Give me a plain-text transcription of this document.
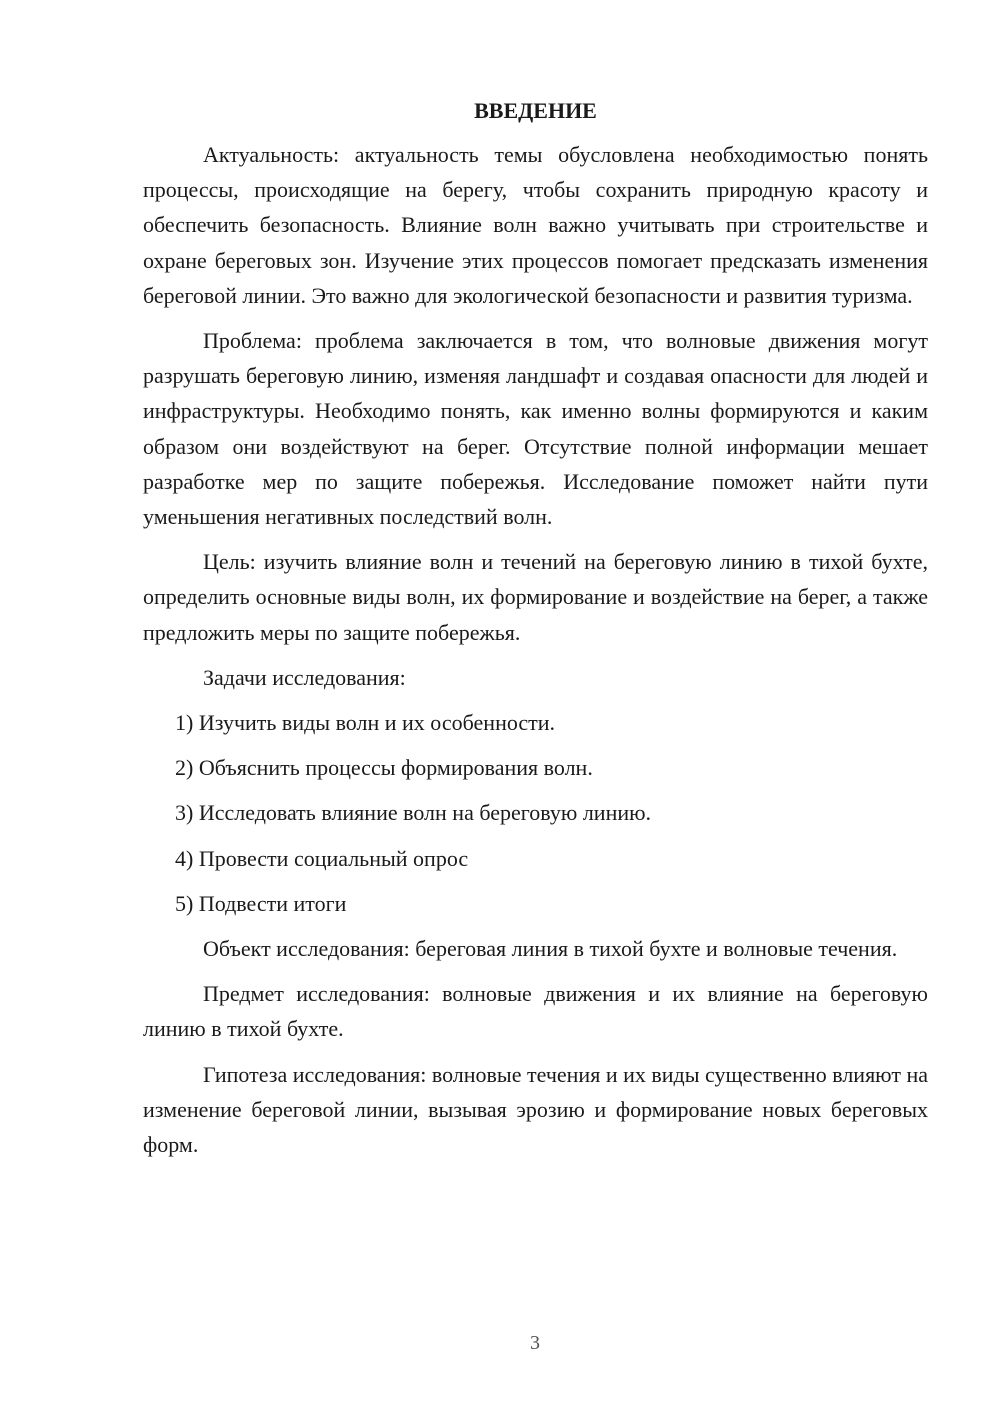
ВВЕДЕНИЕ

Актуальность: актуальность темы обусловлена необходимостью понять процессы, происходящие на берегу, чтобы сохранить природную красоту и обеспечить безопасность. Влияние волн важно учитывать при строительстве и охране береговых зон. Изучение этих процессов помогает предсказать изменения береговой линии. Это важно для экологической безопасности и развития туризма.

Проблема: проблема заключается в том, что волновые движения могут разрушать береговую линию, изменяя ландшафт и создавая опасности для людей и инфраструктуры. Необходимо понять, как именно волны формируются и каким образом они воздействуют на берег. Отсутствие полной информации мешает разработке мер по защите побережья. Исследование поможет найти пути уменьшения негативных последствий волн.

Цель: изучить влияние волн и течений на береговую линию в тихой бухте, определить основные виды волн, их формирование и воздействие на берег, а также предложить меры по защите побережья.

Задачи исследования:

1) Изучить виды волн и их особенности.
2) Объяснить процессы формирования волн.
3) Исследовать влияние волн на береговую линию.
4) Провести социальный опрос
5) Подвести итоги

Объект исследования: береговая линия в тихой бухте и волновые течения.

Предмет исследования: волновые движения и их влияние на береговую линию в тихой бухте.

Гипотеза исследования: волновые течения и их виды существенно влияют на изменение береговой линии, вызывая эрозию и формирование новых береговых форм.

3
